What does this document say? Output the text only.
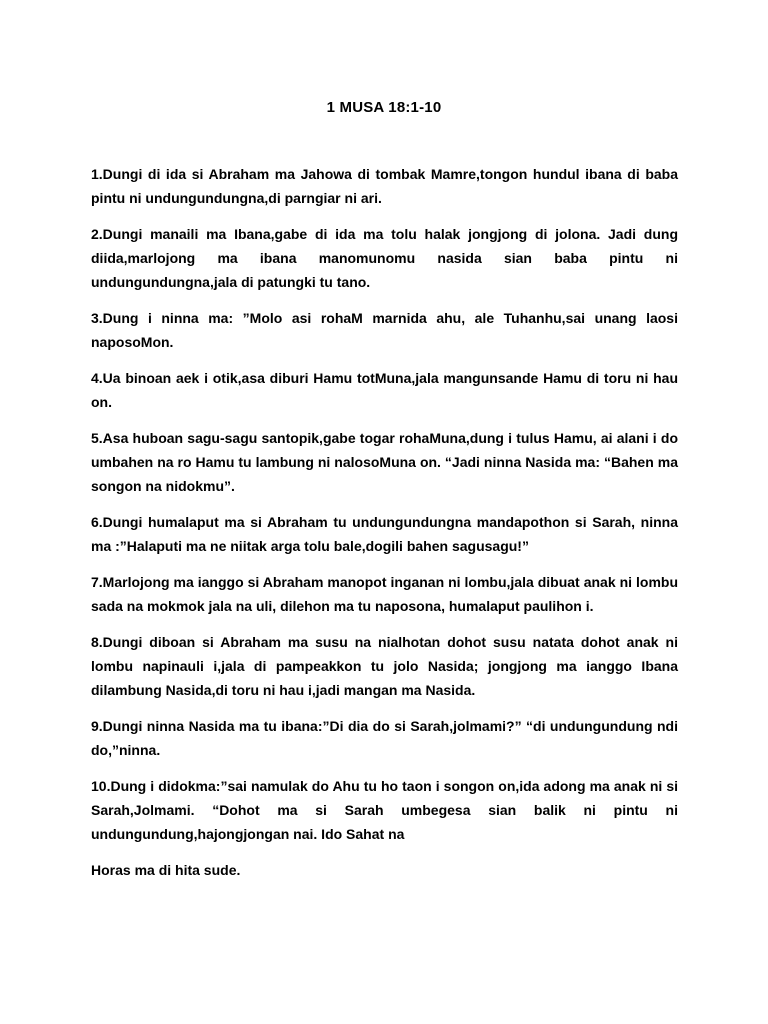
1 MUSA 18:1-10

1.Dungi di ida si Abraham ma Jahowa di tombak Mamre,tongon hundul ibana di baba pintu ni undungundungna,di parngiar ni ari.

2.Dungi manaili ma Ibana,gabe di ida ma tolu halak jongjong di jolona. Jadi dung diida,marlojong ma ibana manomunomu nasida sian baba pintu ni undungundungna,jala di patungki tu tano.

3.Dung i ninna ma: ”Molo asi rohaM marnida ahu, ale Tuhanhu,sai unang laosi naposoMon.

4.Ua binoan aek i otik,asa diburi Hamu totMuna,jala mangunsande Hamu di toru ni hau on.

5.Asa huboan sagu-sagu santopik,gabe togar rohaMuna,dung i tulus Hamu, ai alani i do umbahen na ro Hamu tu lambung ni nalosoMuna on. “Jadi ninna Nasida ma: “Bahen ma songon na nidokmu”.

6.Dungi humalaput ma si Abraham tu undungundungna mandapothon si Sarah, ninna ma :”Halaputi ma ne niitak arga tolu bale,dogili bahen sagusagu!”

7.Marlojong ma ianggo si Abraham manopot inganan ni lombu,jala dibuat anak ni lombu sada na mokmok jala na uli, dilehon ma tu naposona, humalaput paulihon i.

8.Dungi diboan si Abraham ma susu na nialhotan dohot susu natata dohot anak ni lombu napinauli i,jala di pampeakkon tu jolo Nasida; jongjong ma ianggo Ibana dilambung Nasida,di toru ni hau i,jadi mangan ma Nasida.

9.Dungi ninna Nasida ma tu ibana:”Di dia do si Sarah,jolmami?” “di undungundung ndi do,”ninna.

10.Dung i didokma:”sai namulak do Ahu tu ho taon i songon on,ida adong ma anak ni si Sarah,Jolmami. “Dohot ma si Sarah umbegesa sian balik ni pintu ni undungundung,hajongjongan nai. Ido Sahat na

Horas ma di hita sude.
